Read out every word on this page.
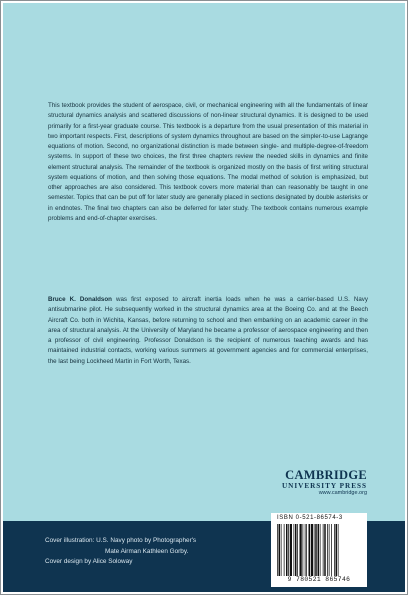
This textbook provides the student of aerospace, civil, or mechanical engineering with all the fundamentals of linear structural dynamics analysis and scattered discussions of non-linear structural dynamics. It is designed to be used primarily for a first-year graduate course. This textbook is a departure from the usual presentation of this material in two important respects. First, descriptions of system dynamics throughout are based on the simpler-to-use Lagrange equations of motion. Second, no organizational distinction is made between single- and multiple-degree-of-freedom systems. In support of these two choices, the first three chapters review the needed skills in dynamics and finite element structural analysis. The remainder of the textbook is organized mostly on the basis of first writing structural system equations of motion, and then solving those equations. The modal method of solution is emphasized, but other approaches are also considered. This textbook covers more material than can reasonably be taught in one semester. Topics that can be put off for later study are generally placed in sections designated by double asterisks or in endnotes. The final two chapters can also be deferred for later study. The textbook contains numerous example problems and end-of-chapter exercises.

Bruce K. Donaldson was first exposed to aircraft inertia loads when he was a carrier-based U.S. Navy antisubmarine pilot. He subsequently worked in the structural dynamics area at the Boeing Co. and at the Beech Aircraft Co. both in Wichita, Kansas, before returning to school and then embarking on an academic career in the area of structural analysis. At the University of Maryland he became a professor of aerospace engineering and then a professor of civil engineering. Professor Donaldson is the recipient of numerous teaching awards and has maintained industrial contacts, working various summers at government agencies and for commercial enterprises, the last being Lockheed Martin in Fort Worth, Texas.

CAMBRIDGE
UNIVERSITY PRESS
www.cambridge.org
Cover illustration: U.S. Navy photo by Photographer's
Mate Airman Kathleen Gorby.
Cover design by Alice Soloway
ISBN 0-521-86574-3
9 780521 865746
